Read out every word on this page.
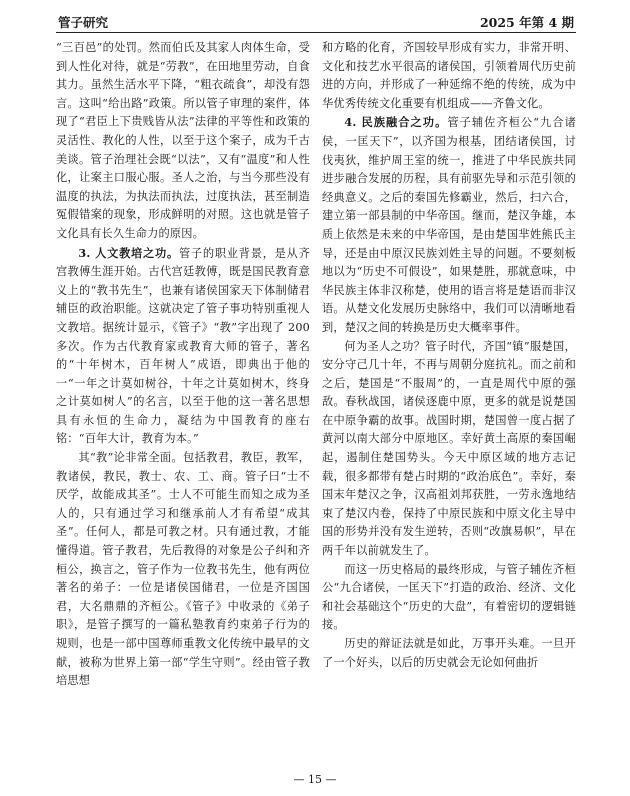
管子研究	2025 年第 4 期

“三百邑”的处罚。然而伯氏及其家人肉体生命，受到人性化对待，就是“劳教”，在田地里劳动，自食其力。虽然生活水平下降，“粗衣疏食”，却没有怨言。这叫“给出路”政策。所以管子审理的案件，体现了“君臣上下贵贱皆从法”法律的平等性和政策的灵活性、教化的人性，以至于这个案子，成为千古美谈。管子治理社会既“以法”，又有“温度”和人性化，让案主口服心服。圣人之治，与当今那些没有温度的执法，为执法而执法，过度执法，甚至制造冤假错案的现象，形成鲜明的对照。这也就是管子文化具有长久生命力的原因。

3. 人文教培之功。管子的职业背景，是从齐宫教傅生涯开始。古代宫廷教傅，既是国民教育意义上的“教书先生”，也兼有诸侯国家天下体制储君辅臣的政治职能。这就决定了管子事功特别重视人文教培。据统计显示，《管子》“教”字出现了 200 多次。作为古代教育家或教育大师的管子，著名的“十年树木，百年树人”成语，即典出于他的一“一年之计莫如树谷，十年之计莫如树木，终身之计莫如树人”的名言，以至于他的这一著名思想具有永恒的生命力，凝结为中国教育的座右铭：“百年大计，教育为本。”

其“教”论非常全面。包括教君，教臣，教军，教诸侯，教民，教士、农、工、商。管子曰“士不厌学，故能成其圣”。士人不可能生而知之成为圣人的，只有通过学习和继承前人才有希望“成其圣”。任何人，都是可教之材。只有通过教，才能懂得道。管子教君，先后教得的对象是公子纠和齐桓公，换言之，管子作为一位教书先生，他有两位著名的弟子：一位是诸侯国储君，一位是齐国国君，大名鼎鼎的齐桓公。《管子》中收录的《弟子职》，是管子撰写的一篇私塾教育约束弟子行为的规则，也是一部中国尊师重教文化传统中最早的文献，被称为世界上第一部“学生守则”。经由管子教培思想

和方略的化育，齐国较早形成有实力，非常开明、文化和技艺水平很高的诸侯国，引领着周代历史前进的方向，并形成了一种延绵不绝的传统，成为中华优秀传统文化重要有机组成——齐鲁文化。

4. 民族融合之功。管子辅佐齐桓公“九合诸侯，一匡天下”，以齐国为根基，团结诸侯国，讨伐夷狄，维护周王室的统一，推进了中华民族共同进步融合发展的历程，具有前驱先导和示范引领的经典意义。之后的秦国先修霸业，然后，扫六合，建立第一部县制的中华帝国。继而，楚汉争雄，本质上依然是未来的中华帝国，是由楚国芈姓熊氏主导，还是由中原汉民族刘姓主导的问题。不要刻板地以为“历史不可假设”，如果楚胜，那就意味，中华民族主体非汉称楚，使用的语言将是楚语而非汉语。从楚文化发展历史脉络中，我们可以清晰地看到，楚汉之间的转换是历史大概率事件。

何为圣人之功？管子时代，齐国“镇”服楚国，安分守己几十年，不再与周朝分庭抗礼。而之前和之后，楚国是“不服周”的，一直是周代中原的强敌。春秋战国，诸侯逐鹿中原，更多的就是说楚国在中原争霸的故事。战国时期，楚国曾一度占据了黄河以南大部分中原地区。幸好黄土高原的秦国崛起，遏制住楚国势头。今天中原区域的地方志记载，很多都带有楚占时期的“政治底色”。幸好，秦国末年楚汉之争，汉高祖刘邦获胜，一劳永逸地结束了楚汉内卷，保持了中原民族和中原文化主导中国的形势并没有发生逆转，否则“改旗易帜”，早在两千年以前就发生了。

而这一历史格局的最终形成，与管子辅佐齐桓公“九合诸侯，一匡天下”打造的政治、经济、文化和社会基础这个“历史的大盘”，有着密切的逻辑链接。

历史的辩证法就是如此，万事开头难。一旦开了一个好头，以后的历史就会无论如何曲折

— 15 —
